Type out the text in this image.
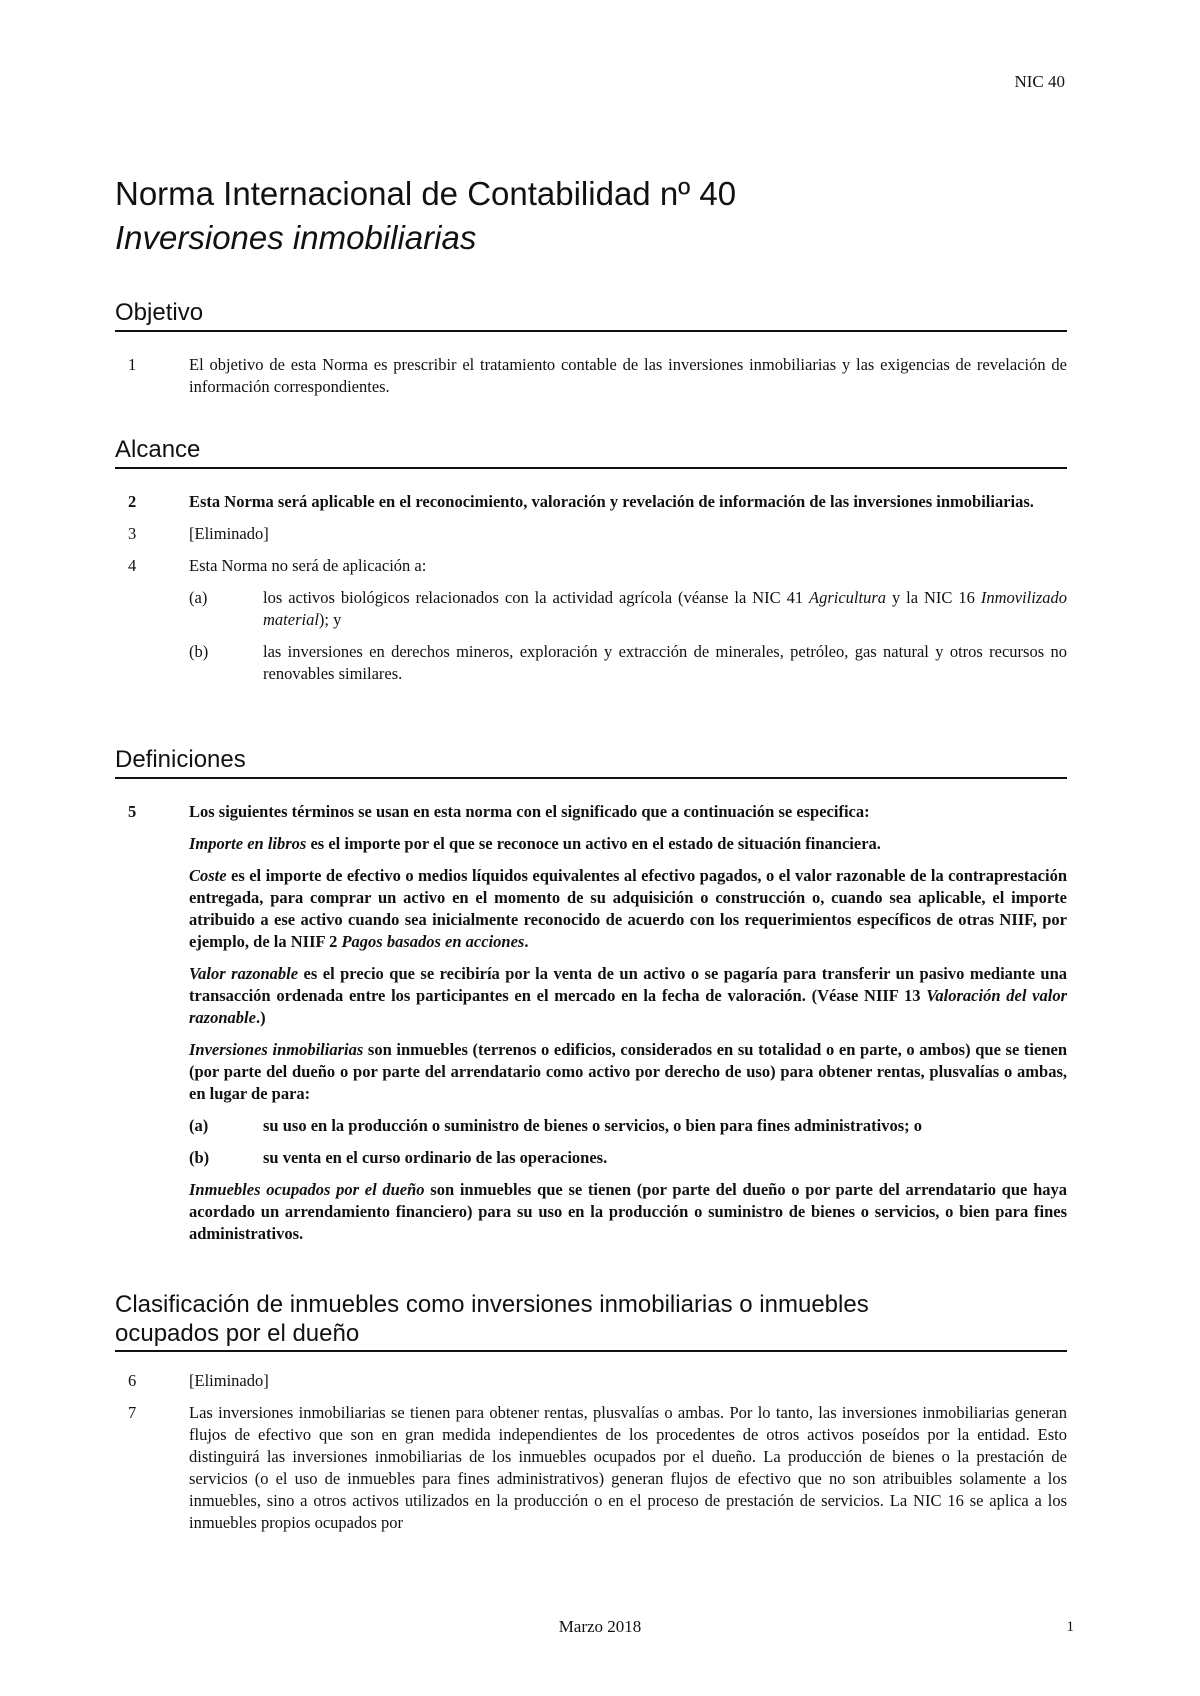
NIC 40
Norma Internacional de Contabilidad nº 40
Inversiones inmobiliarias
Objetivo
1	El objetivo de esta Norma es prescribir el tratamiento contable de las inversiones inmobiliarias y las exigencias de revelación de información correspondientes.
Alcance
2	Esta Norma será aplicable en el reconocimiento, valoración y revelación de información de las inversiones inmobiliarias.
3	[Eliminado]
4	Esta Norma no será de aplicación a:
(a)	los activos biológicos relacionados con la actividad agrícola (véanse la NIC 41 Agricultura y la NIC 16 Inmovilizado material); y
(b)	las inversiones en derechos mineros, exploración y extracción de minerales, petróleo, gas natural y otros recursos no renovables similares.
Definiciones
5	Los siguientes términos se usan en esta norma con el significado que a continuación se especifica:
Importe en libros es el importe por el que se reconoce un activo en el estado de situación financiera.
Coste es el importe de efectivo o medios líquidos equivalentes al efectivo pagados, o el valor razonable de la contraprestación entregada, para comprar un activo en el momento de su adquisición o construcción o, cuando sea aplicable, el importe atribuido a ese activo cuando sea inicialmente reconocido de acuerdo con los requerimientos específicos de otras NIIF, por ejemplo, de la NIIF 2 Pagos basados en acciones.
Valor razonable es el precio que se recibiría por la venta de un activo o se pagaría para transferir un pasivo mediante una transacción ordenada entre los participantes en el mercado en la fecha de valoración. (Véase NIIF 13 Valoración del valor razonable.)
Inversiones inmobiliarias son inmuebles (terrenos o edificios, considerados en su totalidad o en parte, o ambos) que se tienen (por parte del dueño o por parte del arrendatario como activo por derecho de uso) para obtener rentas, plusvalías o ambas, en lugar de para:
(a)	su uso en la producción o suministro de bienes o servicios, o bien para fines administrativos; o
(b)	su venta en el curso ordinario de las operaciones.
Inmuebles ocupados por el dueño son inmuebles que se tienen (por parte del dueño o por parte del arrendatario que haya acordado un arrendamiento financiero) para su uso en la producción o suministro de bienes o servicios, o bien para fines administrativos.
Clasificación de inmuebles como inversiones inmobiliarias o inmuebles
ocupados por el dueño
6	[Eliminado]
7	Las inversiones inmobiliarias se tienen para obtener rentas, plusvalías o ambas. Por lo tanto, las inversiones inmobiliarias generan flujos de efectivo que son en gran medida independientes de los procedentes de otros activos poseídos por la entidad. Esto distinguirá las inversiones inmobiliarias de los inmuebles ocupados por el dueño. La producción de bienes o la prestación de servicios (o el uso de inmuebles para fines administrativos) generan flujos de efectivo que no son atribuibles solamente a los inmuebles, sino a otros activos utilizados en la producción o en el proceso de prestación de servicios. La NIC 16 se aplica a los inmuebles propios ocupados por
Marzo 2018	1
